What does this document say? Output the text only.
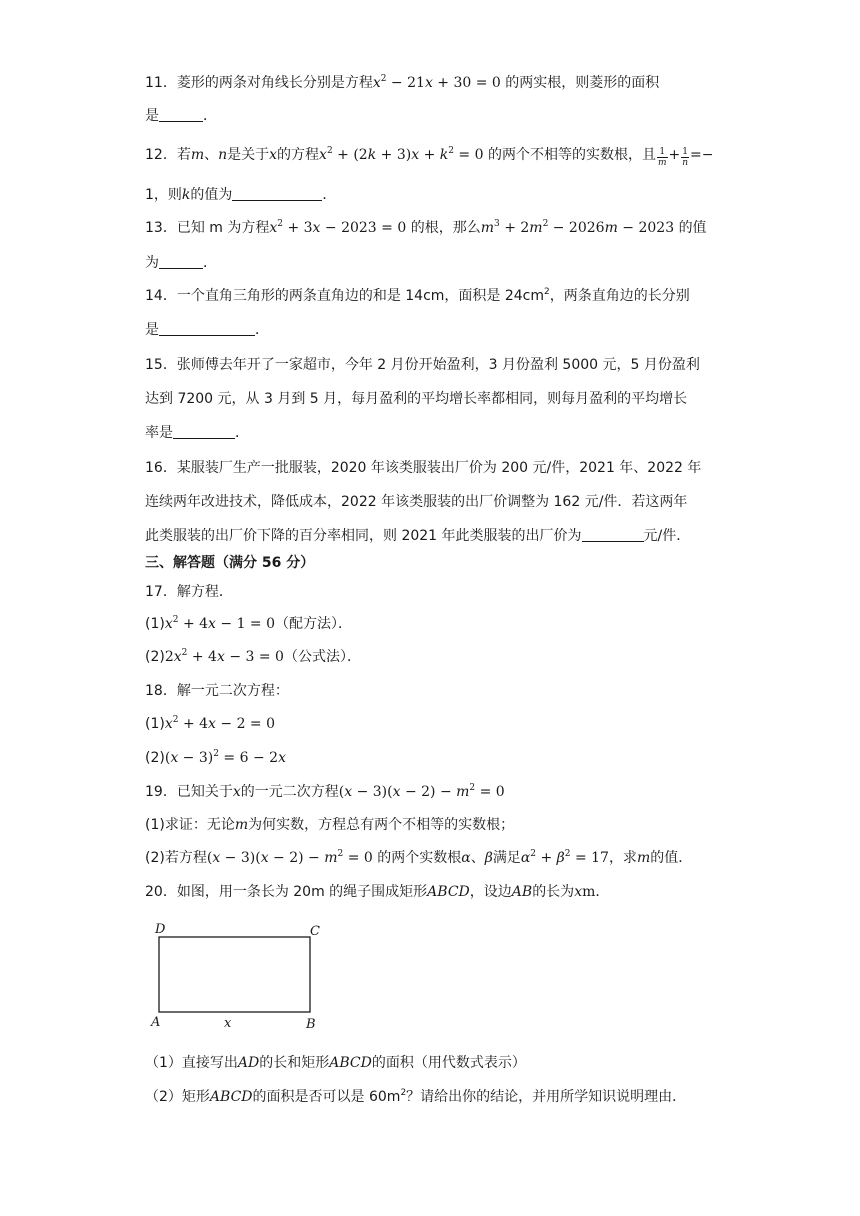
11．菱形的两条对角线长分别是方程$x^2 - 21x + 30 = 0$ 的两实根，则菱形的面积
是	．
12．若m、n是关于x的方程$x^2 + (2k + 3)x + k^2 = 0$ 的两个不相等的实数根，且 $\frac{1}{m} + \frac{1}{n}$ =−
1，则k的值为	．
13．已知 m 为方程$x^2 + 3x - 2023 = 0$ 的根，那么$m^3 + 2m^2 - 2026m - 2023$ 的值
为	．
14．一个直角三角形的两条直角边的和是 14cm，面积是 $24cm^2$，两条直角边的长分别
是	．
15．张师傅去年开了一家超市，今年 2 月份开始盈利，3 月份盈利 5000 元，5 月份盈利
达到 7200 元，从 3 月到 5 月，每月盈利的平均增长率都相同，则每月盈利的平均增长
率是	．
16．某服装厂生产一批服装，2020 年该类服装出厂价为 200 元/件，2021 年、2022 年
连续两年改进技术，降低成本，2022 年该类服装的出厂价调整为 162 元/件．若这两年
此类服装的出厂价下降的百分率相同，则 2021 年此类服装的出厂价为	元/件．
三、解答题（满分 56 分）
17．解方程．
$(1)x^2 + 4x - 1 = 0$（配方法）．
$(2)2x^2 + 4x - 3 = 0$（公式法）．
18．解一元二次方程：
$(1)x^2 + 4x - 2 = 0$
$(2)(x - 3)^2 = 6 - 2x$
19．已知关于x的一元二次方程$(x - 3)(x - 2) - m^2 = 0$
(1)求证：无论m为何实数，方程总有两个不相等的实数根；
(2)若方程$(x - 3)(x - 2) - m^2 = 0$ 的两个实数根α、β满足$\alpha^2 + \beta^2 = 17$，求m的值．
20．如图，用一条长为 20m 的绳子围成矩形ABCD，设边AB的长为xm．
D	C
A	B
x
（1）直接写出AD的长和矩形ABCD的面积（用代数式表示）
（2）矩形ABCD的面积是否可以是 $60m^2$？请给出你的结论，并用所学知识说明理由．
